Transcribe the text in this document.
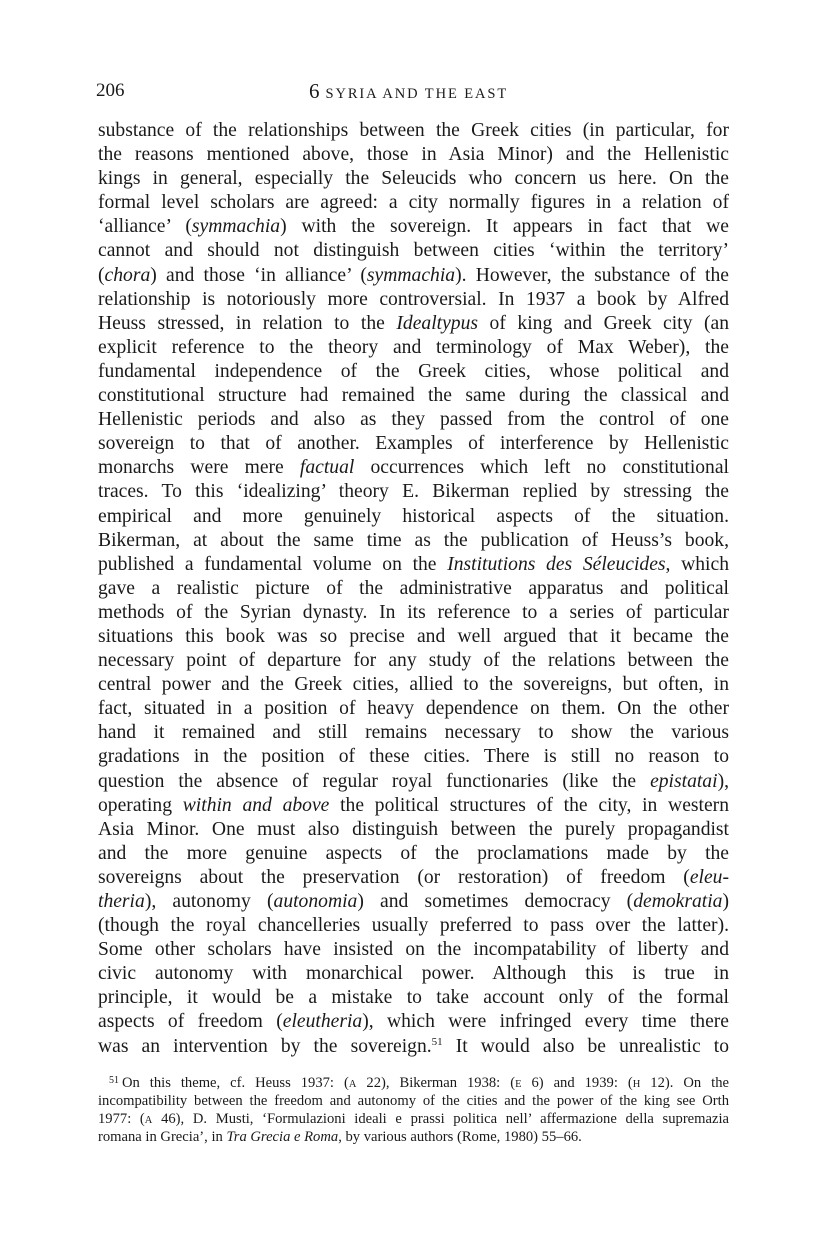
206	6 SYRIA AND THE EAST
substance of the relationships between the Greek cities (in particular, for
the reasons mentioned above, those in Asia Minor) and the Hellenistic
kings in general, especially the Seleucids who concern us here. On the
formal level scholars are agreed: a city normally figures in a relation of
‘alliance’ (symmachia) with the sovereign. It appears in fact that we
cannot and should not distinguish between cities ‘within the territory’
(chora) and those ‘in alliance’ (symmachia). However, the substance of the
relationship is notoriously more controversial. In 1937 a book by Alfred
Heuss stressed, in relation to the Idealtypus of king and Greek city (an
explicit reference to the theory and terminology of Max Weber), the
fundamental independence of the Greek cities, whose political and
constitutional structure had remained the same during the classical and
Hellenistic periods and also as they passed from the control of one
sovereign to that of another. Examples of interference by Hellenistic
monarchs were mere factual occurrences which left no constitutional
traces. To this ‘idealizing’ theory E. Bikerman replied by stressing the
empirical and more genuinely historical aspects of the situation.
Bikerman, at about the same time as the publication of Heuss’s book,
published a fundamental volume on the Institutions des Séleucides, which
gave a realistic picture of the administrative apparatus and political
methods of the Syrian dynasty. In its reference to a series of particular
situations this book was so precise and well argued that it became the
necessary point of departure for any study of the relations between the
central power and the Greek cities, allied to the sovereigns, but often, in
fact, situated in a position of heavy dependence on them. On the other
hand it remained and still remains necessary to show the various
gradations in the position of these cities. There is still no reason to
question the absence of regular royal functionaries (like the epistatai),
operating within and above the political structures of the city, in western
Asia Minor. One must also distinguish between the purely propagandist
and the more genuine aspects of the proclamations made by the
sovereigns about the preservation (or restoration) of freedom (eleu-
theria), autonomy (autonomia) and sometimes democracy (demokratia)
(though the royal chancelleries usually preferred to pass over the latter).
Some other scholars have insisted on the incompatability of liberty and
civic autonomy with monarchical power. Although this is true in
principle, it would be a mistake to take account only of the formal
aspects of freedom (eleutheria), which were infringed every time there
was an intervention by the sovereign.$^{51}$ It would also be unrealistic to
$^{51}$ On this theme, cf. Heuss 1937: (A 22), Bikerman 1938: (E 6) and 1939: (H 12). On the
incompatibility between the freedom and autonomy of the cities and the power of the king see Orth
1977: (A 46), D. Musti, ‘Formulazioni ideali e prassi politica nell’ affermazione della supremazia
romana in Grecia’, in Tra Grecia e Roma, by various authors (Rome, 1980) 55–66.
